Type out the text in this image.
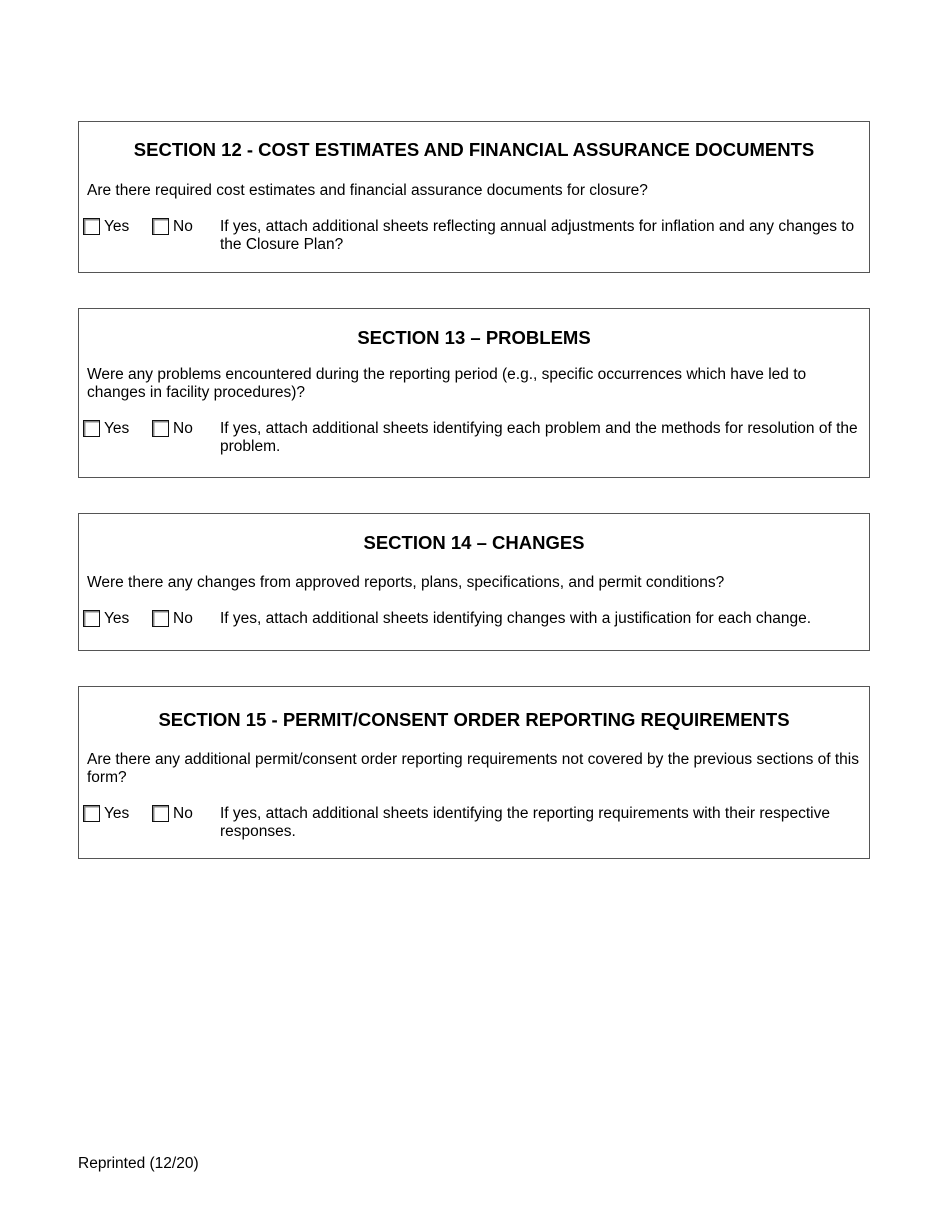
SECTION 12 - COST ESTIMATES AND FINANCIAL ASSURANCE DOCUMENTS
Are there required cost estimates and financial assurance documents for closure?
Yes	No If yes, attach additional sheets reflecting annual adjustments for inflation and any changes to the Closure Plan?
SECTION 13 – PROBLEMS
Were any problems encountered during the reporting period (e.g., specific occurrences which have led to changes in facility procedures)?
Yes	No If yes, attach additional sheets identifying each problem and the methods for resolution of the problem.
SECTION 14 – CHANGES
Were there any changes from approved reports, plans, specifications, and permit conditions?
Yes	No If yes, attach additional sheets identifying changes with a justification for each change.
SECTION 15 - PERMIT/CONSENT ORDER REPORTING REQUIREMENTS
Are there any additional permit/consent order reporting requirements not covered by the previous sections of this form?
Yes	No If yes, attach additional sheets identifying the reporting requirements with their respective responses.
Reprinted (12/20)
